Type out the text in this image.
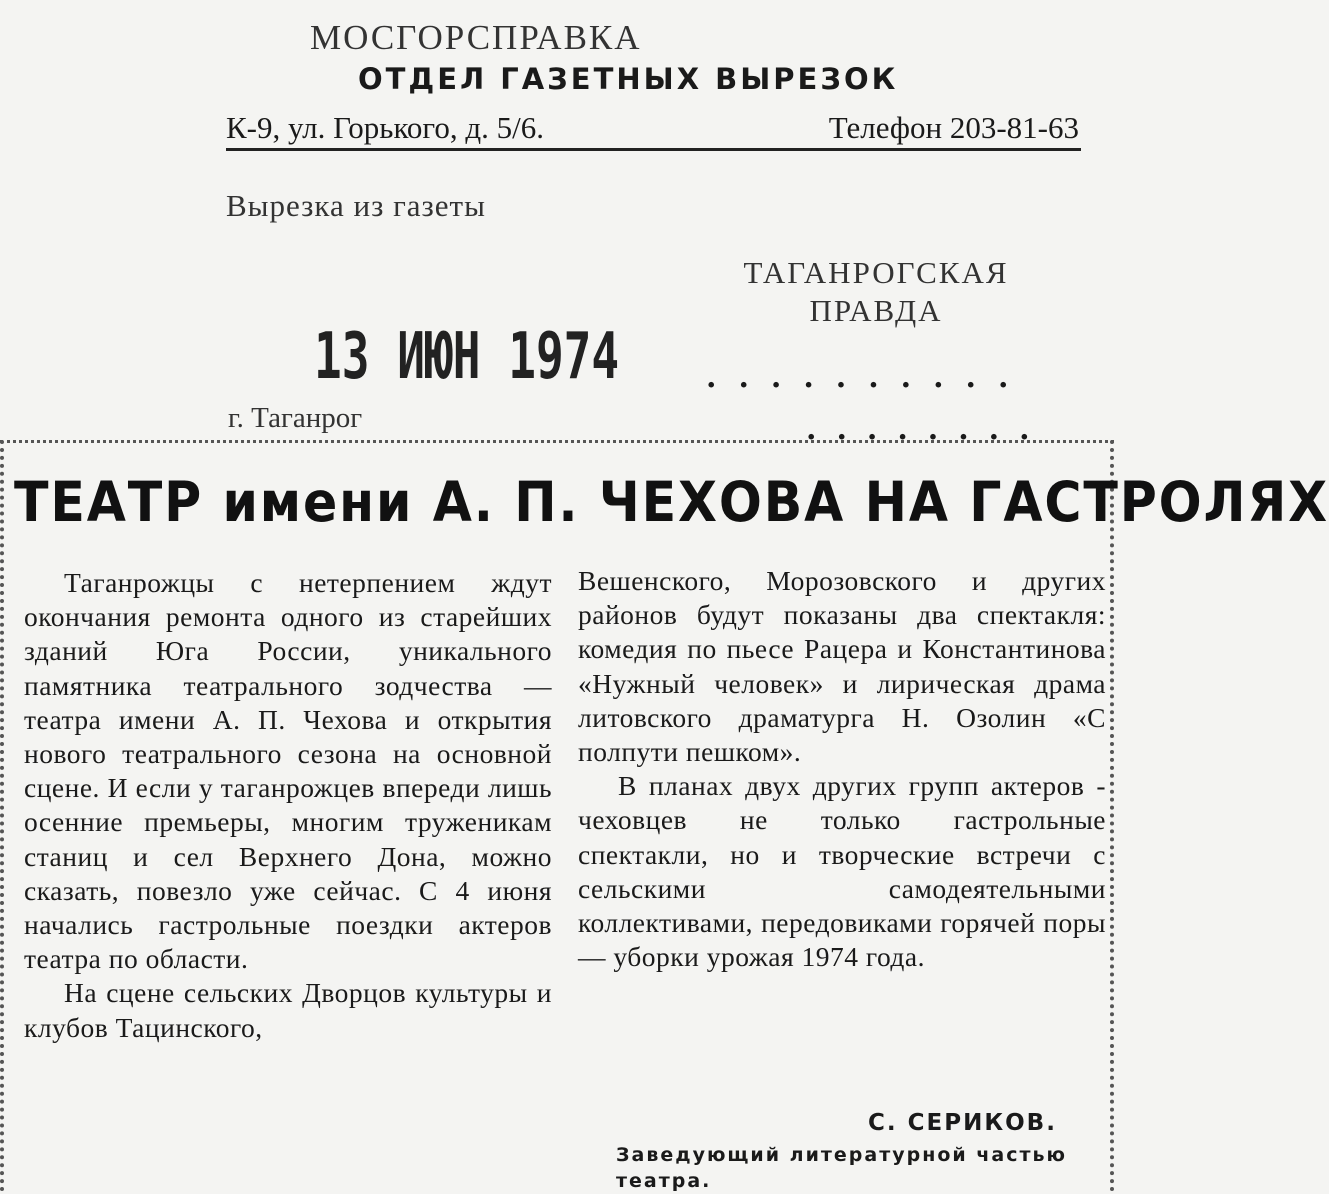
МОСГОРСПРАВКА
ОТДЕЛ ГАЗЕТНЫХ ВЫРЕЗОК
К-9, ул. Горького, д. 5/6.	Телефон 203-81-63
Вырезка из газеты
ТАГАНРОГСКАЯ
ПРАВДА
13 ИЮН 1974	..........
........
г. Таганрог
ТЕАТР имени А. П. ЧЕХОВА НА ГАСТРОЛЯХ

Таганрожцы с нетерпением ждут окончания ремонта одного из старейших зданий Юга России, уникального памятника театрального зодчества — театра имени А. П. Чехова и открытия нового театрального сезона на основной сцене. И если у таганрожцев впереди лишь осенние премьеры, многим труженикам станиц и сел Верхнего Дона, можно сказать, повезло уже сейчас. С 4 июня начались гастрольные поездки актеров театра по области.

На сцене сельских Дворцов культуры и клубов Тацинского,

Вешенского, Морозовского и других районов будут показаны два спектакля: комедия по пьесе Рацера и Константинова «Нужный человек» и лирическая драма литовского драматурга Н. Озолин «С полпути пешком».

В планах двух других групп актеров - чеховцев не только гастрольные спектакли, но и творческие встречи с сельскими самодеятельными коллективами, передовиками горячей поры — уборки урожая 1974 года.

С. СЕРИКОВ.
Заведующий литературной частью театра.
